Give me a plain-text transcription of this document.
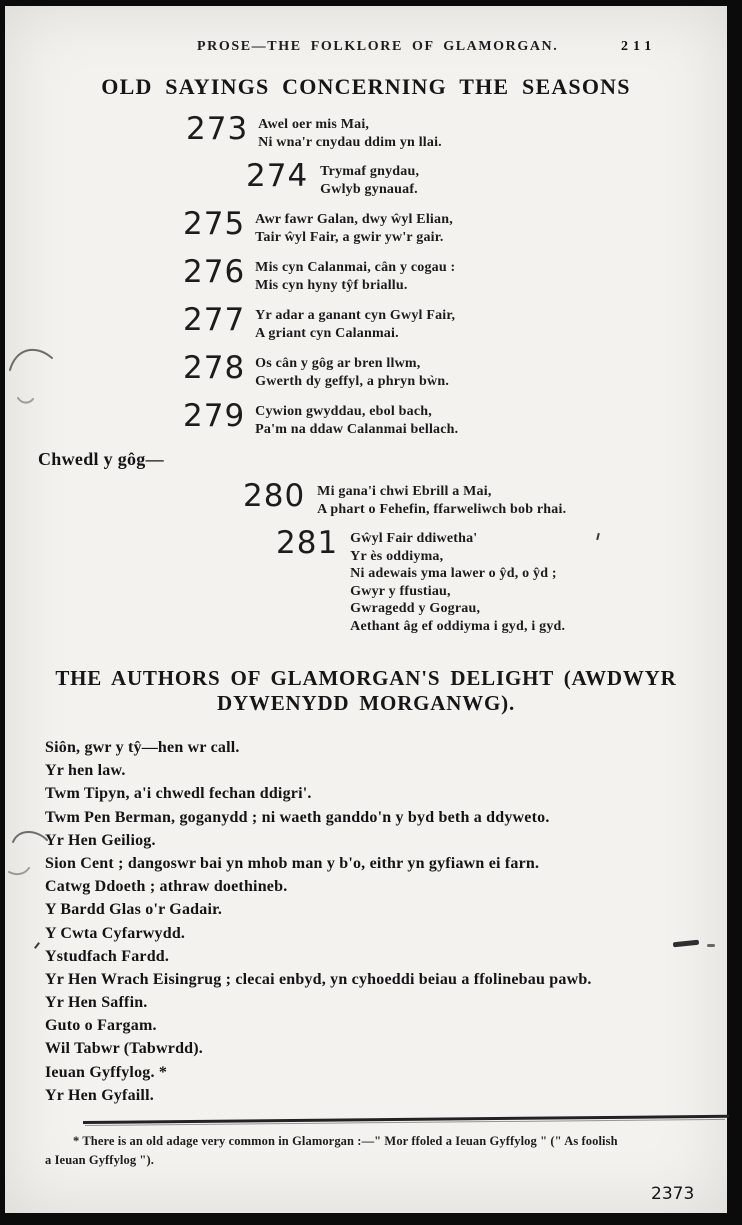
PROSE—THE FOLKLORE OF GLAMORGAN.	211
OLD SAYINGS CONCERNING THE SEASONS
273 Awel oer mis Mai,
Ni wna'r cnydau ddim yn llai.
274 Trymaf gnydau,
Gwlyb gynauaf.
275 Awr fawr Galan, dwy ŵyl Elian,
Tair ŵyl Fair, a gwir yw'r gair.
276 Mis cyn Calanmai, cân y cogau :
Mis cyn hyny tŷf briallu.
277 Yr adar a ganant cyn Gwyl Fair,
A griant cyn Calanmai.
278 Os cân y gôg ar bren llwm,
Gwerth dy geffyl, a phryn bẁn.
279 Cywion gwyddau, ebol bach,
Pa'm na ddaw Calanmai bellach.
Chwedl y gôg—
280 Mi gana'i chwi Ebrill a Mai,
A phart o Fehefin, ffarweliwch bob rhai.
281 Gŵyl Fair ddiwetha'
Yr ès oddiyma,
Ni adewais yma lawer o ŷd, o ŷd ;
Gwyr y ffustiau,
Gwragedd y Gograu,
Aethant âg ef oddiyma i gyd, i gyd.
THE AUTHORS OF GLAMORGAN'S DELIGHT (AWDWYR
DYWENYDD MORGANWG).
Siôn, gwr y tŷ—hen wr call.
Yr hen law.
Twm Tipyn, a'i chwedl fechan ddigri'.
Twm Pen Berman, goganydd ; ni waeth ganddo'n y byd beth a ddyweto.
Yr Hen Geiliog.
Sion Cent ; dangoswr bai yn mhob man y b'o, eithr yn gyfiawn ei farn.
Catwg Ddoeth ; athraw doethineb.
Y Bardd Glas o'r Gadair.
Y Cwta Cyfarwydd.
Ystudfach Fardd.
Yr Hen Wrach Eisingrug ; clecai enbyd, yn cyhoeddi beiau a ffolinebau pawb.
Yr Hen Saffin.
Guto o Fargam.
Wil Tabwr (Tabwrdd).
Ieuan Gyffylog. *
Yr Hen Gyfaill.
* There is an old adage very common in Glamorgan :—" Mor ffoled a Ieuan Gyffylog " (" As foolish
a Ieuan Gyffylog ").
2373
